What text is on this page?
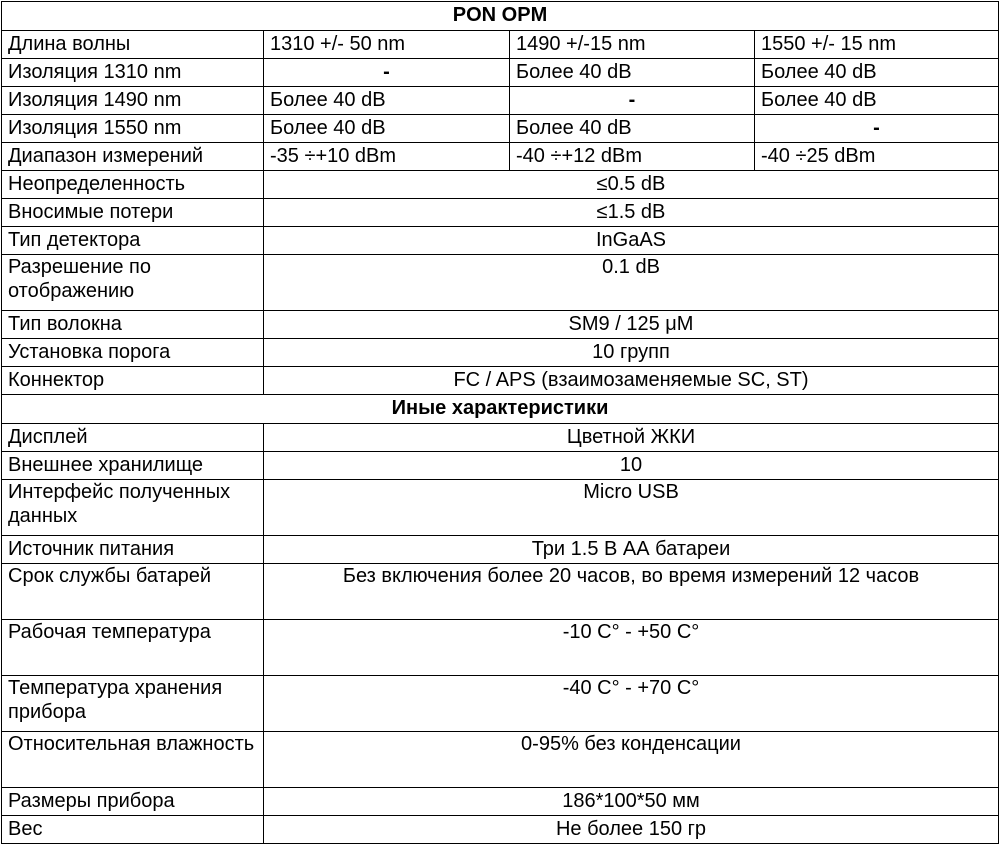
PON OPM			
Длина волны	1310 +/- 50 nm	1490 +/-15 nm	1550 +/- 15 nm
Изоляция 1310 nm	-	Более 40 dB	Более 40 dB
Изоляция 1490 nm	Более 40 dB	-	Более 40 dB
Изоляция 1550 nm	Более 40 dB	Более 40 dB	-
Диапазон измерений	-35 ÷+10 dBm	-40 ÷+12 dBm	-40 ÷25 dBm
Неопределенность	≤0.5 dB		
Вносимые потери	≤1.5 dB		
Тип детектора	InGaAS		
Разрешение по отображению	0.1 dB		
Тип волокна	SM9 / 125 μM		
Установка порога	10 групп		
Коннектор	FC / APS (взаимозаменяемые SC, ST)		
Иные характеристики			
Дисплей	Цветной ЖКИ		
Внешнее хранилище	10		
Интерфейс полученных данных	Micro USB		
Источник питания	Три 1.5 В АА батареи		
Срок службы батарей	Без включения более 20 часов, во время измерений 12 часов		
Рабочая температура	-10 C° - +50 C°		
Температура хранения прибора	-40 C° - +70 C°		
Относительная влажность	0-95% без конденсации		
Размеры прибора	186*100*50 мм		
Вес	Не более 150 гр		
